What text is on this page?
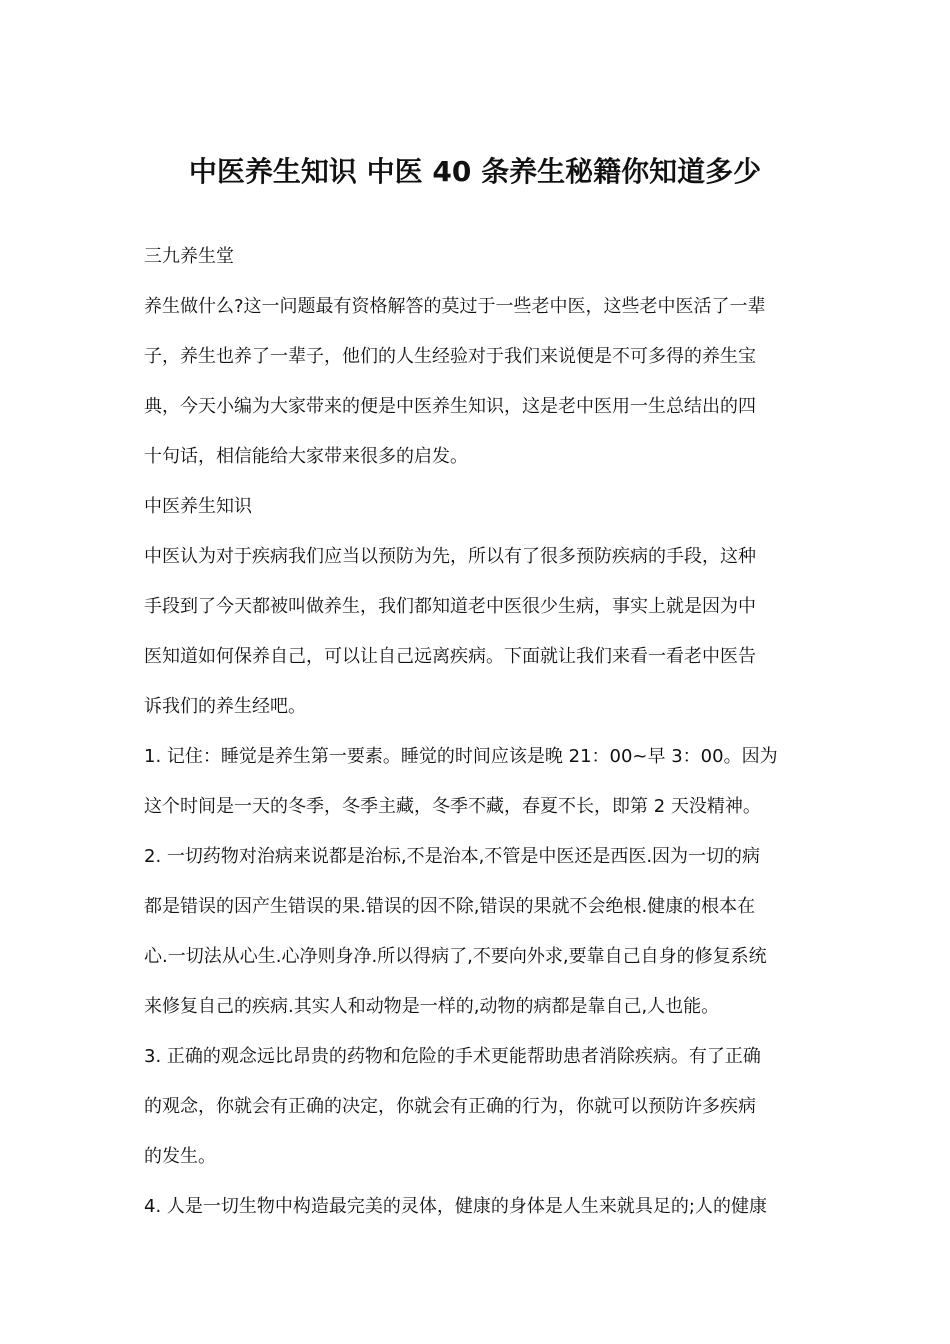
中医养生知识 中医 40 条养生秘籍你知道多少

三九养生堂

养生做什么?这一问题最有资格解答的莫过于一些老中医，这些老中医活了一辈

子，养生也养了一辈子，他们的人生经验对于我们来说便是不可多得的养生宝

典，今天小编为大家带来的便是中医养生知识，这是老中医用一生总结出的四

十句话，相信能给大家带来很多的启发。

中医养生知识

中医认为对于疾病我们应当以预防为先，所以有了很多预防疾病的手段，这种

手段到了今天都被叫做养生，我们都知道老中医很少生病，事实上就是因为中

医知道如何保养自己，可以让自己远离疾病。下面就让我们来看一看老中医告

诉我们的养生经吧。

1. 记住：睡觉是养生第一要素。睡觉的时间应该是晚 21：00~早 3：00。因为

这个时间是一天的冬季，冬季主藏，冬季不藏，春夏不长，即第 2 天没精神。

2. 一切药物对治病来说都是治标,不是治本,不管是中医还是西医.因为一切的病

都是错误的因产生错误的果.错误的因不除,错误的果就不会绝根.健康的根本在

心.一切法从心生.心净则身净.所以得病了,不要向外求,要靠自己自身的修复系统

来修复自己的疾病.其实人和动物是一样的,动物的病都是靠自己,人也能。

3. 正确的观念远比昂贵的药物和危险的手术更能帮助患者消除疾病。有了正确

的观念，你就会有正确的决定，你就会有正确的行为，你就可以预防许多疾病

的发生。

4. 人是一切生物中构造最完美的灵体，健康的身体是人生来就具足的;人的健康
